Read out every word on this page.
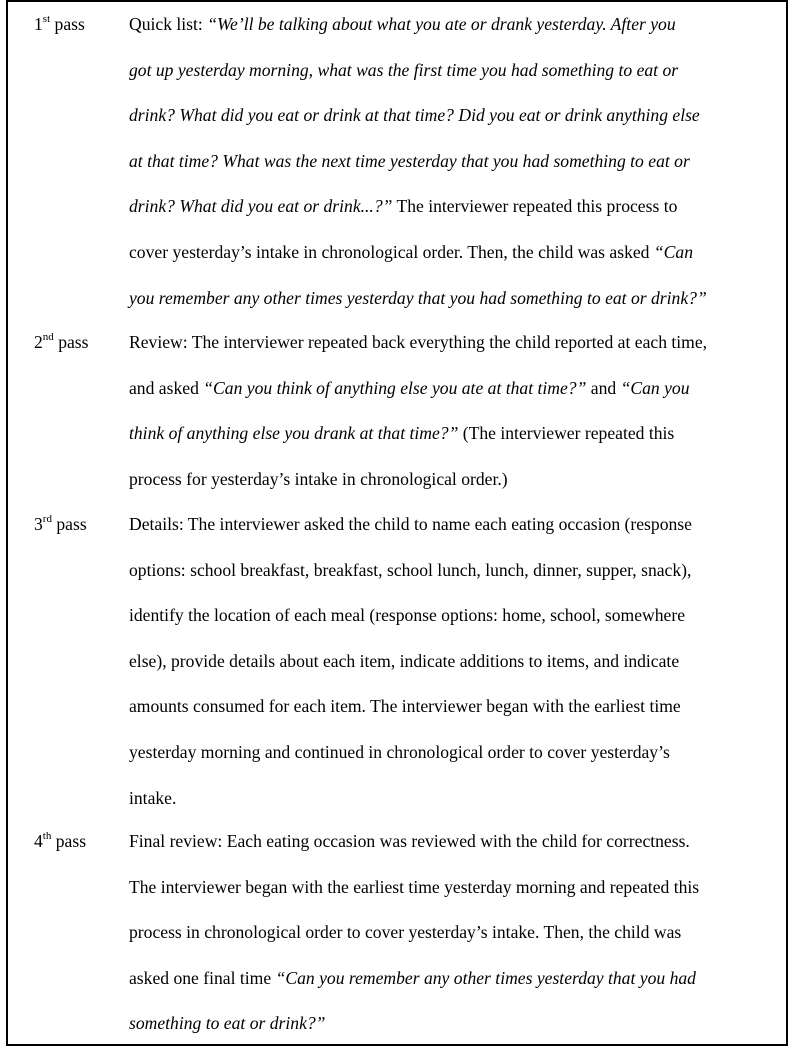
1st pass	Quick list: “We’ll be talking about what you ate or drank yesterday. After you
got up yesterday morning, what was the first time you had something to eat or
drink? What did you eat or drink at that time? Did you eat or drink anything else
at that time? What was the next time yesterday that you had something to eat or
drink? What did you eat or drink...?” The interviewer repeated this process to
cover yesterday’s intake in chronological order. Then, the child was asked “Can
you remember any other times yesterday that you had something to eat or drink?”
2nd pass	Review: The interviewer repeated back everything the child reported at each time,
and asked “Can you think of anything else you ate at that time?” and “Can you
think of anything else you drank at that time?” (The interviewer repeated this
process for yesterday’s intake in chronological order.)
3rd pass	Details: The interviewer asked the child to name each eating occasion (response
options: school breakfast, breakfast, school lunch, lunch, dinner, supper, snack),
identify the location of each meal (response options: home, school, somewhere
else), provide details about each item, indicate additions to items, and indicate
amounts consumed for each item. The interviewer began with the earliest time
yesterday morning and continued in chronological order to cover yesterday’s
intake.
4th pass	Final review: Each eating occasion was reviewed with the child for correctness.
The interviewer began with the earliest time yesterday morning and repeated this
process in chronological order to cover yesterday’s intake. Then, the child was
asked one final time “Can you remember any other times yesterday that you had
something to eat or drink?”
